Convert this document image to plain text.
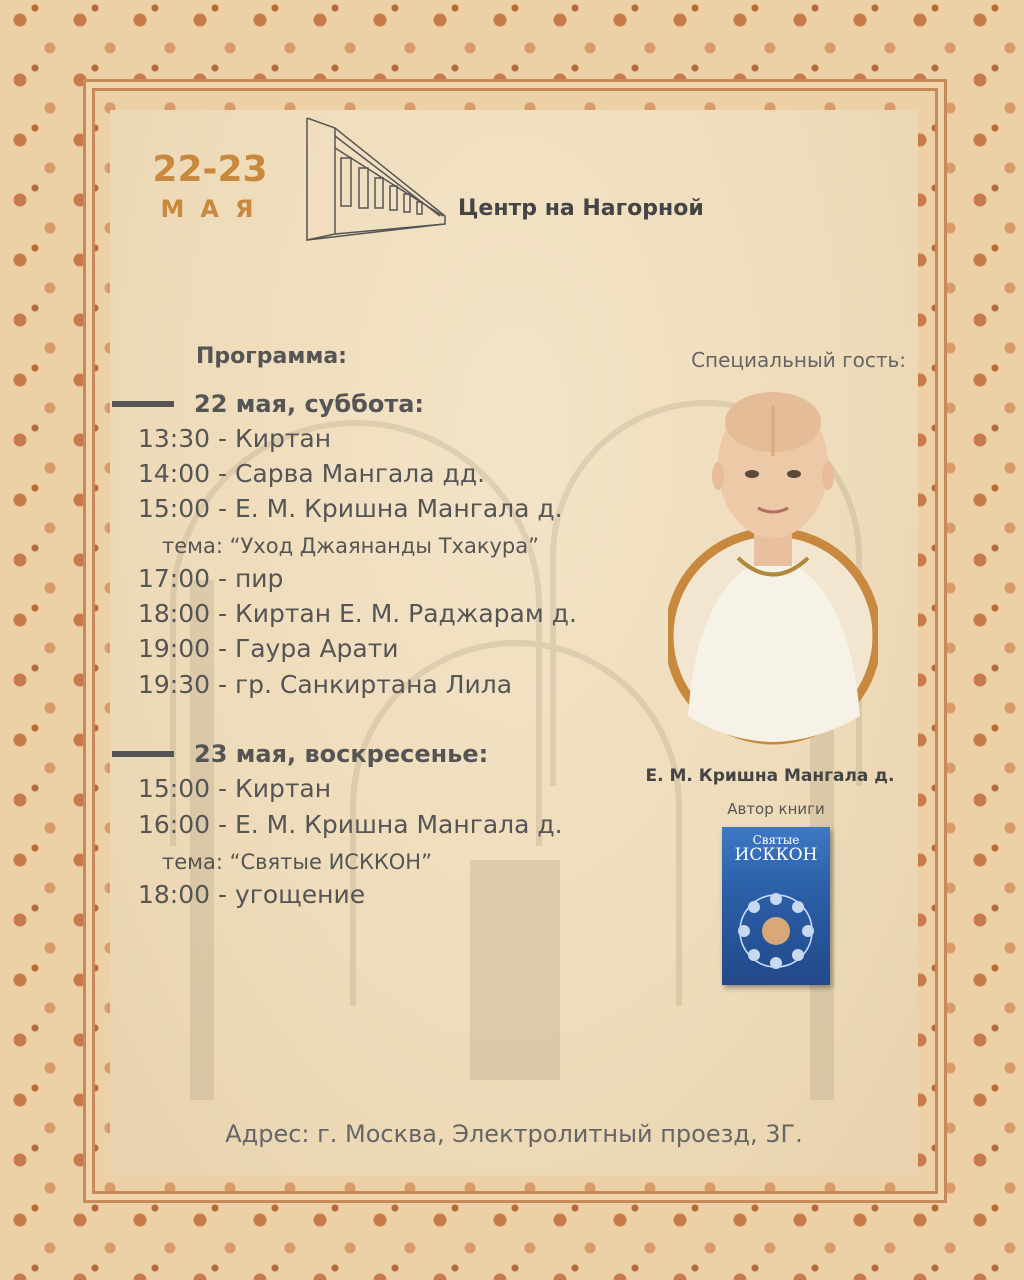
22-23
МАЯ	Центр на Нагорной
Программа:
22 мая, суббота:
13:30 - Киртан
14:00 - Сарва Мангала дд.
15:00 - Е. М. Кришна Мангала д.
тема: “Уход Джаянанды Тхакура”
17:00 - пир
18:00 - Киртан Е. М. Раджарам д.
19:00 - Гаура Арати
19:30 - гр. Санкиртана Лила
23 мая, воскресенье:
15:00 - Киртан
16:00 - Е. М. Кришна Мангала д.
тема: “Святые ИСККОН”
18:00 - угощение
Специальный гость:
Е. М. Кришна Мангала д.
Автор книги
Святые
ИСККОН
Адрес: г. Москва, Электролитный проезд, 3Г.
